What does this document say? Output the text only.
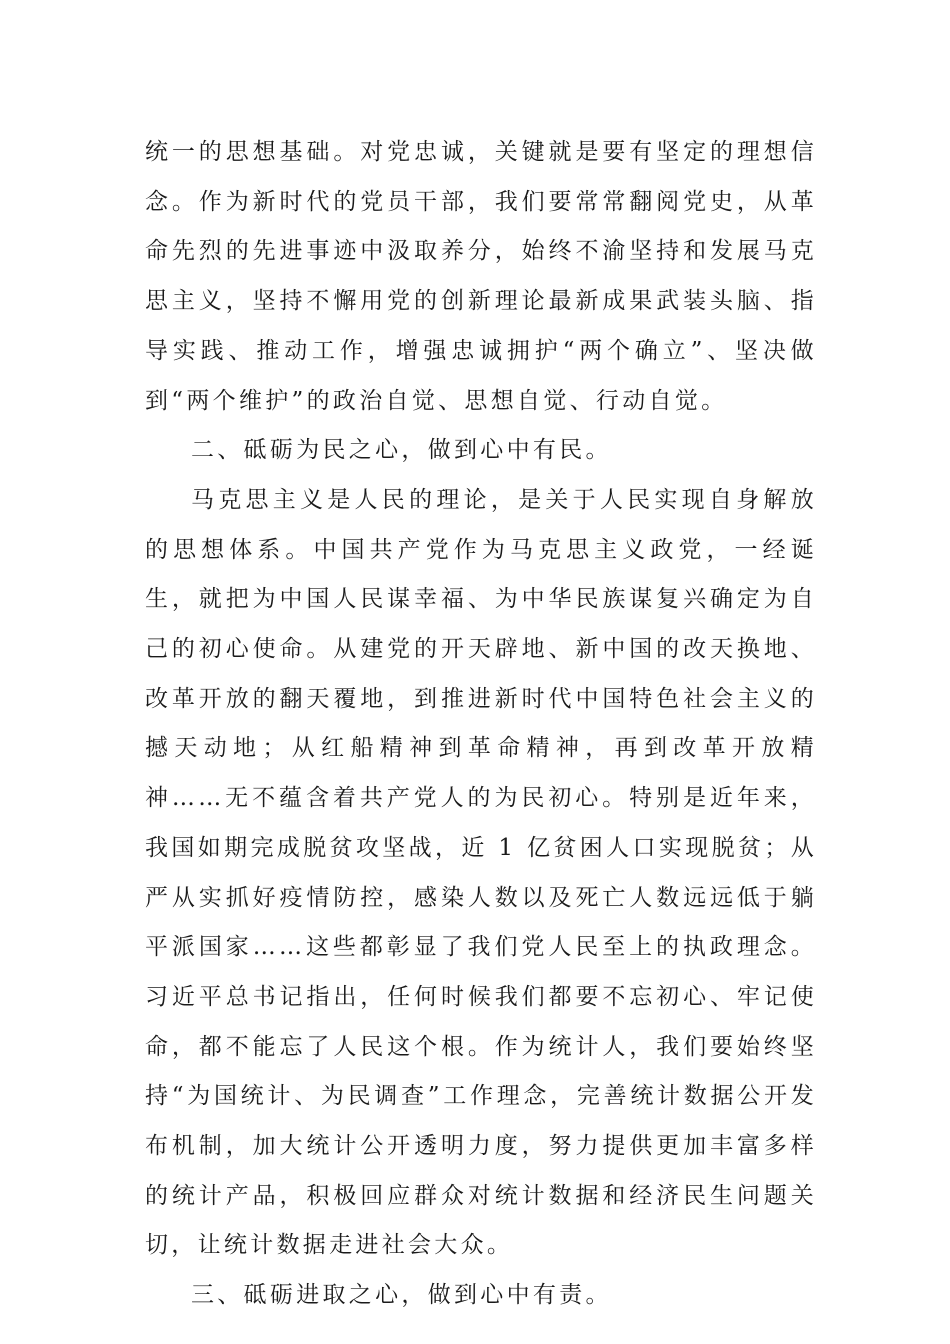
统一的思想基础。对党忠诚，关键就是要有坚定的理想信念。作为新时代的党员干部，我们要常常翻阅党史，从革命先烈的先进事迹中汲取养分，始终不渝坚持和发展马克思主义，坚持不懈用党的创新理论最新成果武装头脑、指导实践、推动工作，增强忠诚拥护“两个确立”、坚决做到“两个维护”的政治自觉、思想自觉、行动自觉。

二、砥砺为民之心，做到心中有民。

马克思主义是人民的理论，是关于人民实现自身解放的思想体系。中国共产党作为马克思主义政党，一经诞生，就把为中国人民谋幸福、为中华民族谋复兴确定为自己的初心使命。从建党的开天辟地、新中国的改天换地、改革开放的翻天覆地，到推进新时代中国特色社会主义的撼天动地；从红船精神到革命精神，再到改革开放精神……无不蕴含着共产党人的为民初心。特别是近年来，我国如期完成脱贫攻坚战，近 1 亿贫困人口实现脱贫；从严从实抓好疫情防控，感染人数以及死亡人数远远低于躺平派国家……这些都彰显了我们党人民至上的执政理念。习近平总书记指出，任何时候我们都要不忘初心、牢记使命，都不能忘了人民这个根。作为统计人，我们要始终坚持“为国统计、为民调查”工作理念，完善统计数据公开发布机制，加大统计公开透明力度，努力提供更加丰富多样的统计产品，积极回应群众对统计数据和经济民生问题关切，让统计数据走进社会大众。

三、砥砺进取之心，做到心中有责。
